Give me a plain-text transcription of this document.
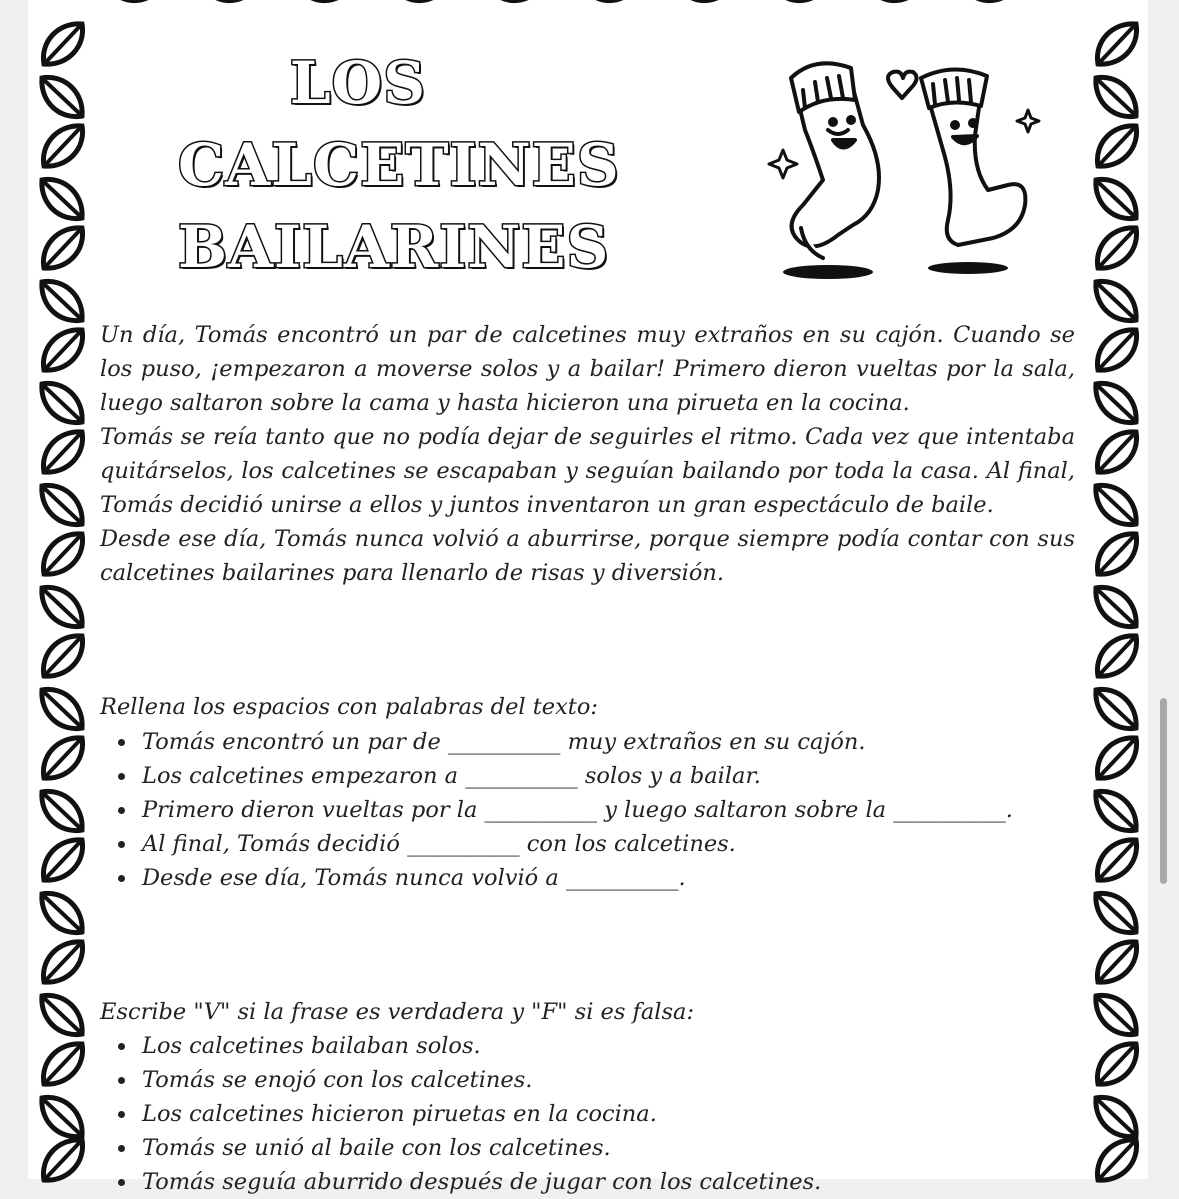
LOS
CALCETINES
BAILARINES

Un día, Tomás encontró un par de calcetines muy extraños en su cajón. Cuando se los puso, ¡empezaron a moverse solos y a bailar! Primero dieron vueltas por la sala, luego saltaron sobre la cama y hasta hicieron una pirueta en la cocina.

Tomás se reía tanto que no podía dejar de seguirles el ritmo. Cada vez que intentaba quitárselos, los calcetines se escapaban y seguían bailando por toda la casa. Al final, Tomás decidió unirse a ellos y juntos inventaron un gran espectáculo de baile.

Desde ese día, Tomás nunca volvió a aburrirse, porque siempre podía contar con sus calcetines bailarines para llenarlo de risas y diversión.

Rellena los espacios con palabras del texto:
Tomás encontró un par de __________ muy extraños en su cajón.
Los calcetines empezaron a __________ solos y a bailar.
Primero dieron vueltas por la __________ y luego saltaron sobre la __________.
Al final, Tomás decidió __________ con los calcetines.
Desde ese día, Tomás nunca volvió a __________.
Escribe "V" si la frase es verdadera y "F" si es falsa:
Los calcetines bailaban solos.
Tomás se enojó con los calcetines.
Los calcetines hicieron piruetas en la cocina.
Tomás se unió al baile con los calcetines.
Tomás seguía aburrido después de jugar con los calcetines.
